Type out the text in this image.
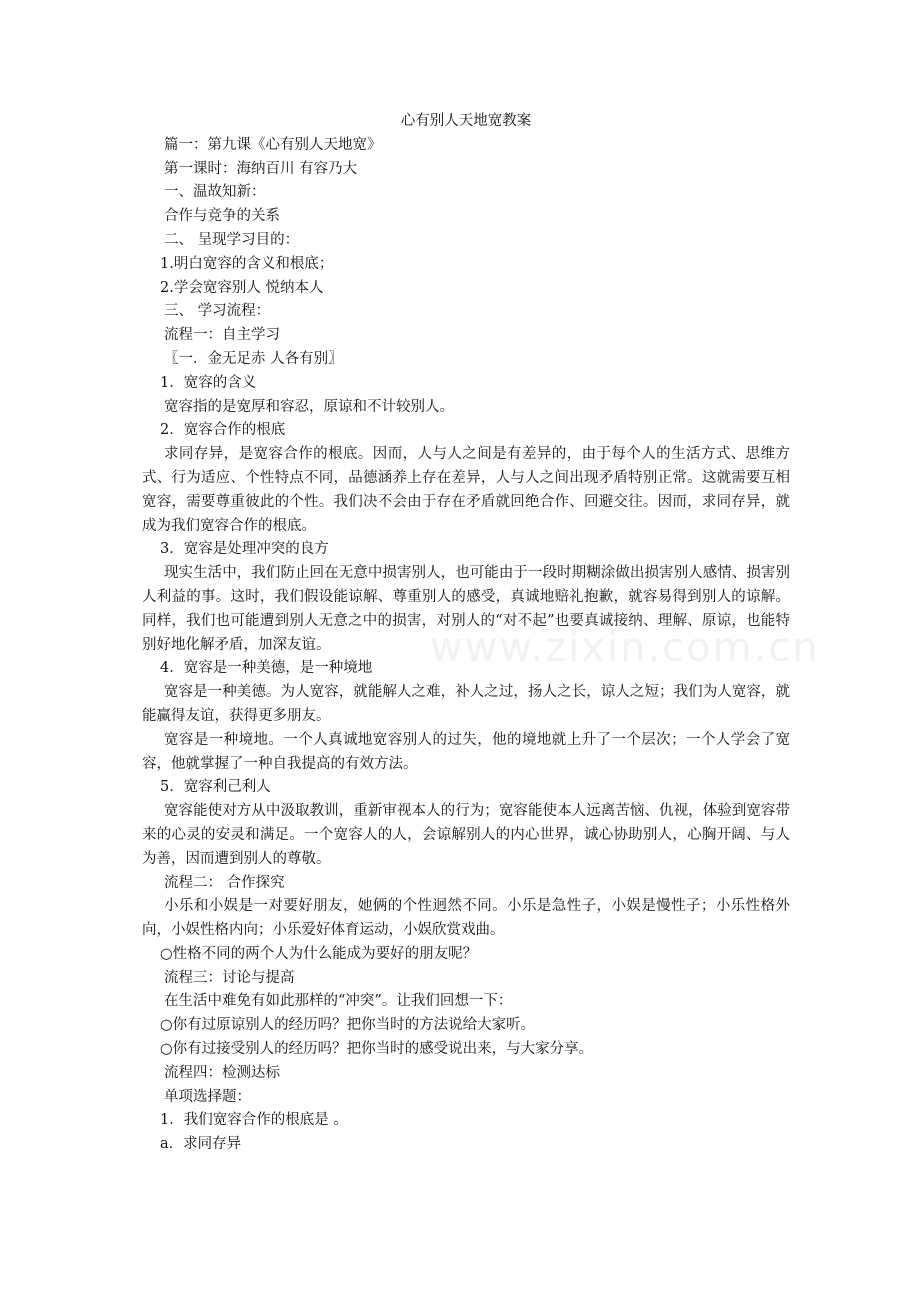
www.zixin.com.cn
心有别人天地宽教案
篇一：第九课《心有别人天地宽》
第一课时：海纳百川 有容乃大
一、温故知新：
合作与竞争的关系
二、 呈现学习目的：
1.明白宽容的含义和根底；
2.学会宽容别人 悦纳本人
三、 学习流程：
流程一：自主学习
〖一．金无足赤 人各有别〗
1．宽容的含义
宽容指的是宽厚和容忍，原谅和不计较别人。
2．宽容合作的根底
求同存异，是宽容合作的根底。因而，人与人之间是有差异的，由于每个人的生活方式、思维方式、行为适应、个性特点不同，品德涵养上存在差异，人与人之间出现矛盾特别正常。这就需要互相宽容，需要尊重彼此的个性。我们决不会由于存在矛盾就回绝合作、回避交往。因而，求同存异，就成为我们宽容合作的根底。
3．宽容是处理冲突的良方
现实生活中，我们防止回在无意中损害别人，也可能由于一段时期糊涂做出损害别人感情、损害别人利益的事。这时，我们假设能谅解、尊重别人的感受，真诚地赔礼抱歉，就容易得到别人的谅解。同样，我们也可能遭到别人无意之中的损害，对别人的“对不起”也要真诚接纳、理解、原谅，也能特别好地化解矛盾，加深友谊。
4．宽容是一种美德，是一种境地
宽容是一种美德。为人宽容，就能解人之难，补人之过，扬人之长，谅人之短；我们为人宽容，就能赢得友谊，获得更多朋友。
宽容是一种境地。一个人真诚地宽容别人的过失，他的境地就上升了一个层次；一个人学会了宽容，他就掌握了一种自我提高的有效方法。
5．宽容利己利人
宽容能使对方从中汲取教训，重新审视本人的行为；宽容能使本人远离苦恼、仇视，体验到宽容带来的心灵的安灵和满足。一个宽容人的人，会谅解别人的内心世界，诚心协助别人，心胸开阔、与人为善，因而遭到别人的尊敬。
流程二： 合作探究
小乐和小娱是一对要好朋友，她俩的个性迥然不同。小乐是急性子，小娱是慢性子；小乐性格外向，小娱性格内向；小乐爱好体育运动，小娱欣赏戏曲。
○性格不同的两个人为什么能成为要好的朋友呢？
流程三：讨论与提高
在生活中难免有如此那样的“冲突”。让我们回想一下：
○你有过原谅别人的经历吗？把你当时的方法说给大家听。
○你有过接受别人的经历吗？把你当时的感受说出来，与大家分享。
流程四：检测达标
单项选择题：
1．我们宽容合作的根底是 。
a．求同存异
